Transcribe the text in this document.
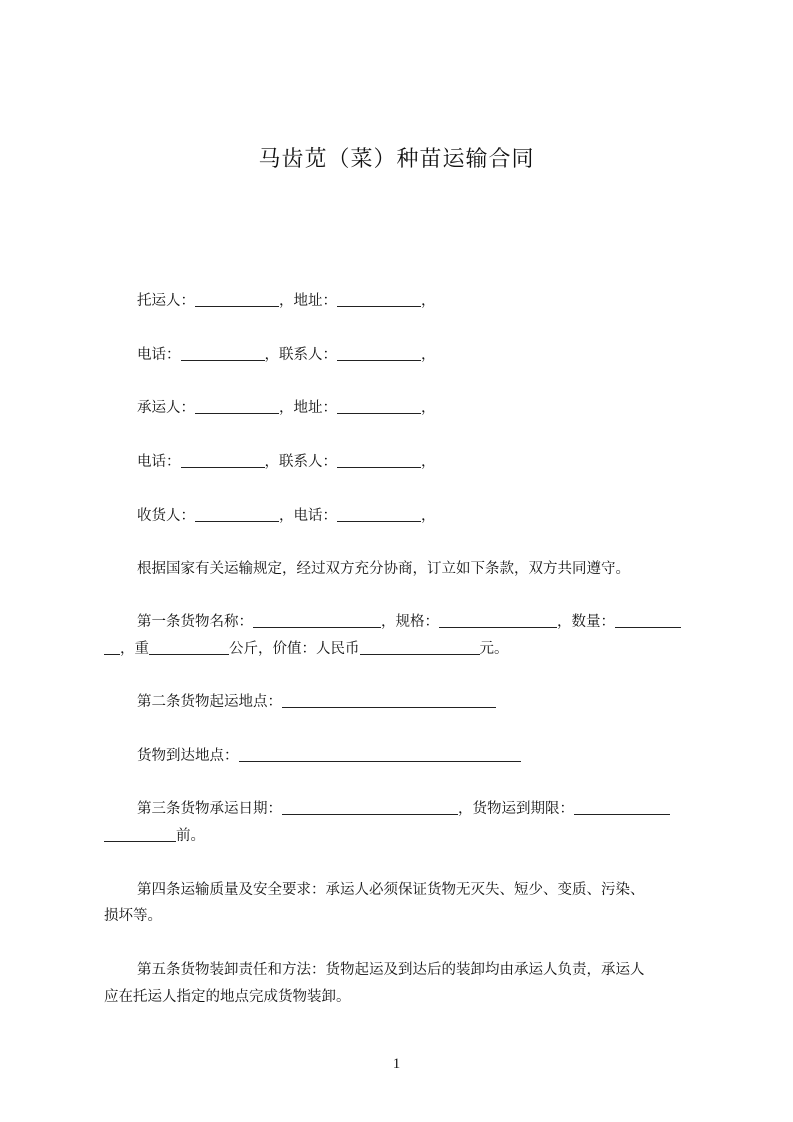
马齿苋（菜）种苗运输合同
托运人：	，地址：	，
电话：	，联系人：	，
承运人：	，地址：	，
电话：	，联系人：	，
收货人：	，电话：	，
根据国家有关运输规定，经过双方充分协商，订立如下条款，双方共同遵守。
第一条货物名称：	，规格：	，数量：
，重	公斤，价值：人民币	元。
第二条货物起运地点：
货物到达地点：
第三条货物承运日期：	，货物运到期限：
前。
第四条运输质量及安全要求：承运人必须保证货物无灭失、短少、变质、污染、
损坏等。
第五条货物装卸责任和方法：货物起运及到达后的装卸均由承运人负责，承运人
应在托运人指定的地点完成货物装卸。
1
